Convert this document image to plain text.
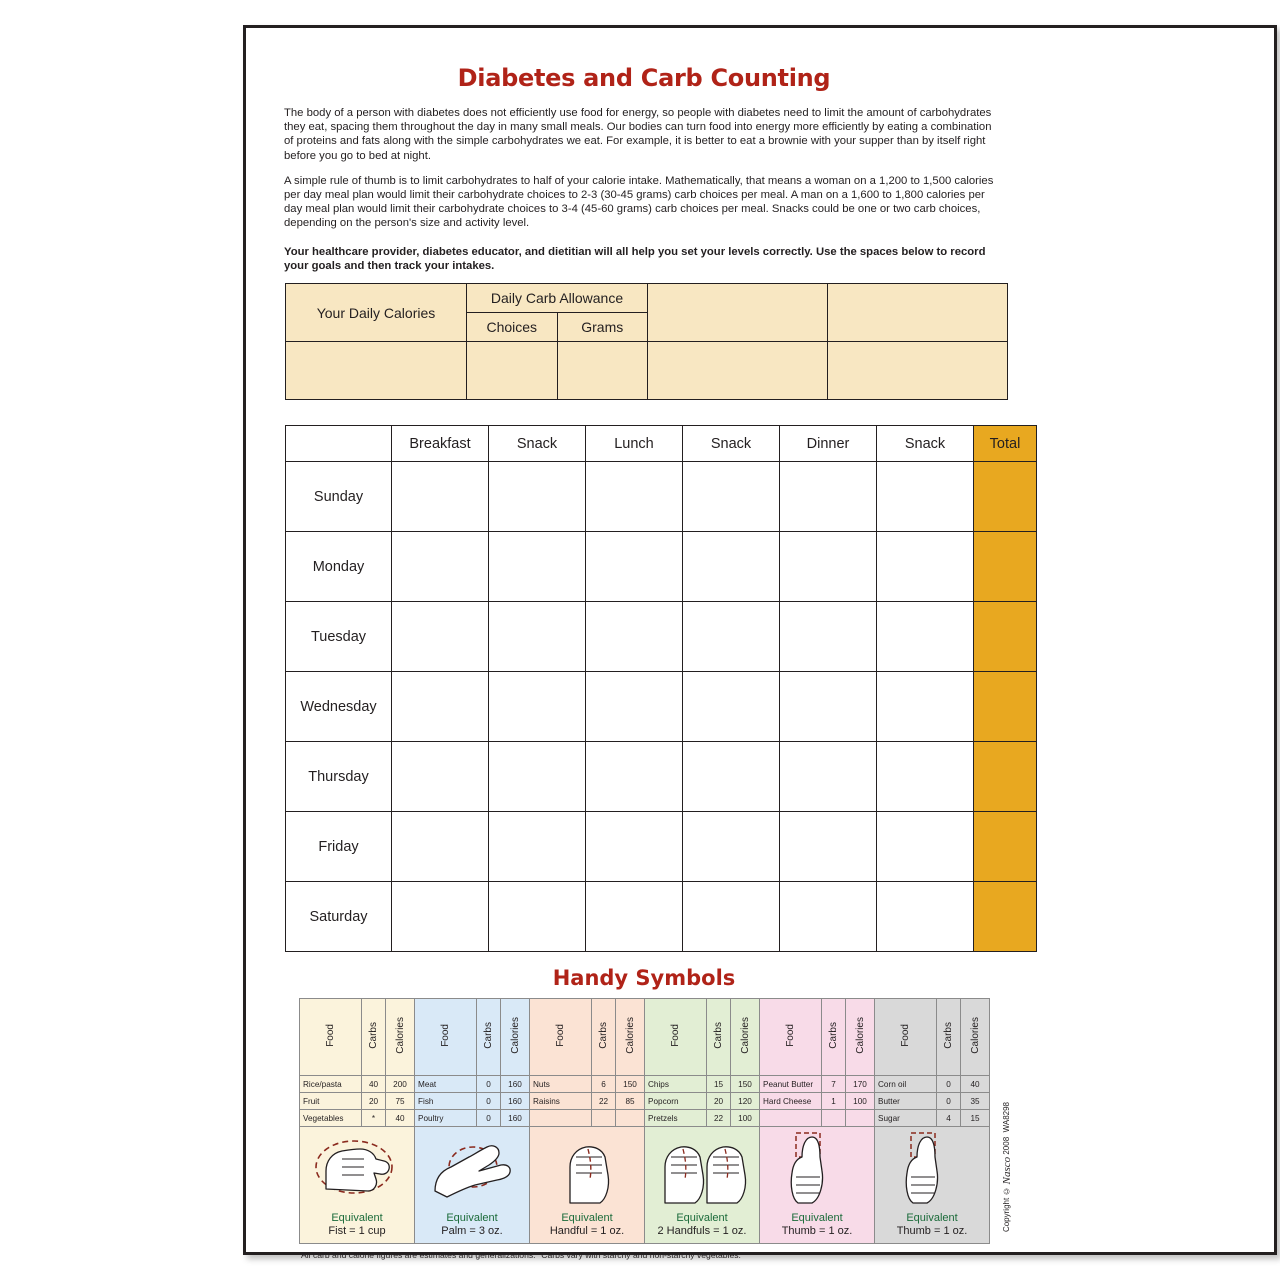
Diabetes and Carb Counting

The body of a person with diabetes does not efficiently use food for energy, so people with diabetes need to limit the amount of carbohydrates they eat, spacing them throughout the day in many small meals. Our bodies can turn food into energy more efficiently by eating a combination of proteins and fats along with the simple carbohydrates we eat. For example, it is better to eat a brownie with your supper than by itself right before you go to bed at night.

A simple rule of thumb is to limit carbohydrates to half of your calorie intake. Mathematically, that means a woman on a 1,200 to 1,500 calories per day meal plan would limit their carbohydrate choices to 2-3 (30-45 grams) carb choices per meal. A man on a 1,600 to 1,800 calories per day meal plan would limit their carbohydrate choices to 3-4 (45-60 grams) carb choices per meal. Snacks could be one or two carb choices, depending on the person's size and activity level.

Your healthcare provider, diabetes educator, and dietitian will all help you set your levels correctly. Use the spaces below to record your goals and then track your intakes.

Your Daily Calories	Daily Carb Allowance			
	Choices	Grams		

	Breakfast	Snack	Lunch	Snack	Dinner	Snack	Total
Sunday							
Monday							
Tuesday							
Wednesday							
Thursday							
Friday							
Saturday							
Handy Symbols
Food	Carbs	Calories	Food	Carbs	Calories	Food	Carbs	Calories	Food	Carbs	Calories	Food	Carbs	Calories	Food	Carbs	Calories
Rice/pasta	40	200	Meat	0	160	Nuts	6	150	Chips	15	150	Peanut Butter	7	170	Corn oil	0	40
Fruit	20	75	Fish	0	160	Raisins	22	85	Popcorn	20	120	Hard Cheese	1	100	Butter	0	35
Vegetables	*	40	Poultry	0	160				Pretzels	22	100				Sugar	4	15
Equivalent
Fist = 1 cup

Equivalent
Palm = 3 oz.

Equivalent
Handful = 1 oz.

Equivalent
2 Handfuls = 1 oz.

Equivalent
Thumb = 1 oz.

Equivalent
Thumb = 1 oz.
All carb and calorie figures are estimates and generalizations. *Carbs vary with starchy and non-starchy vegetables.
Copyright © Nasco 2008  WA8298
